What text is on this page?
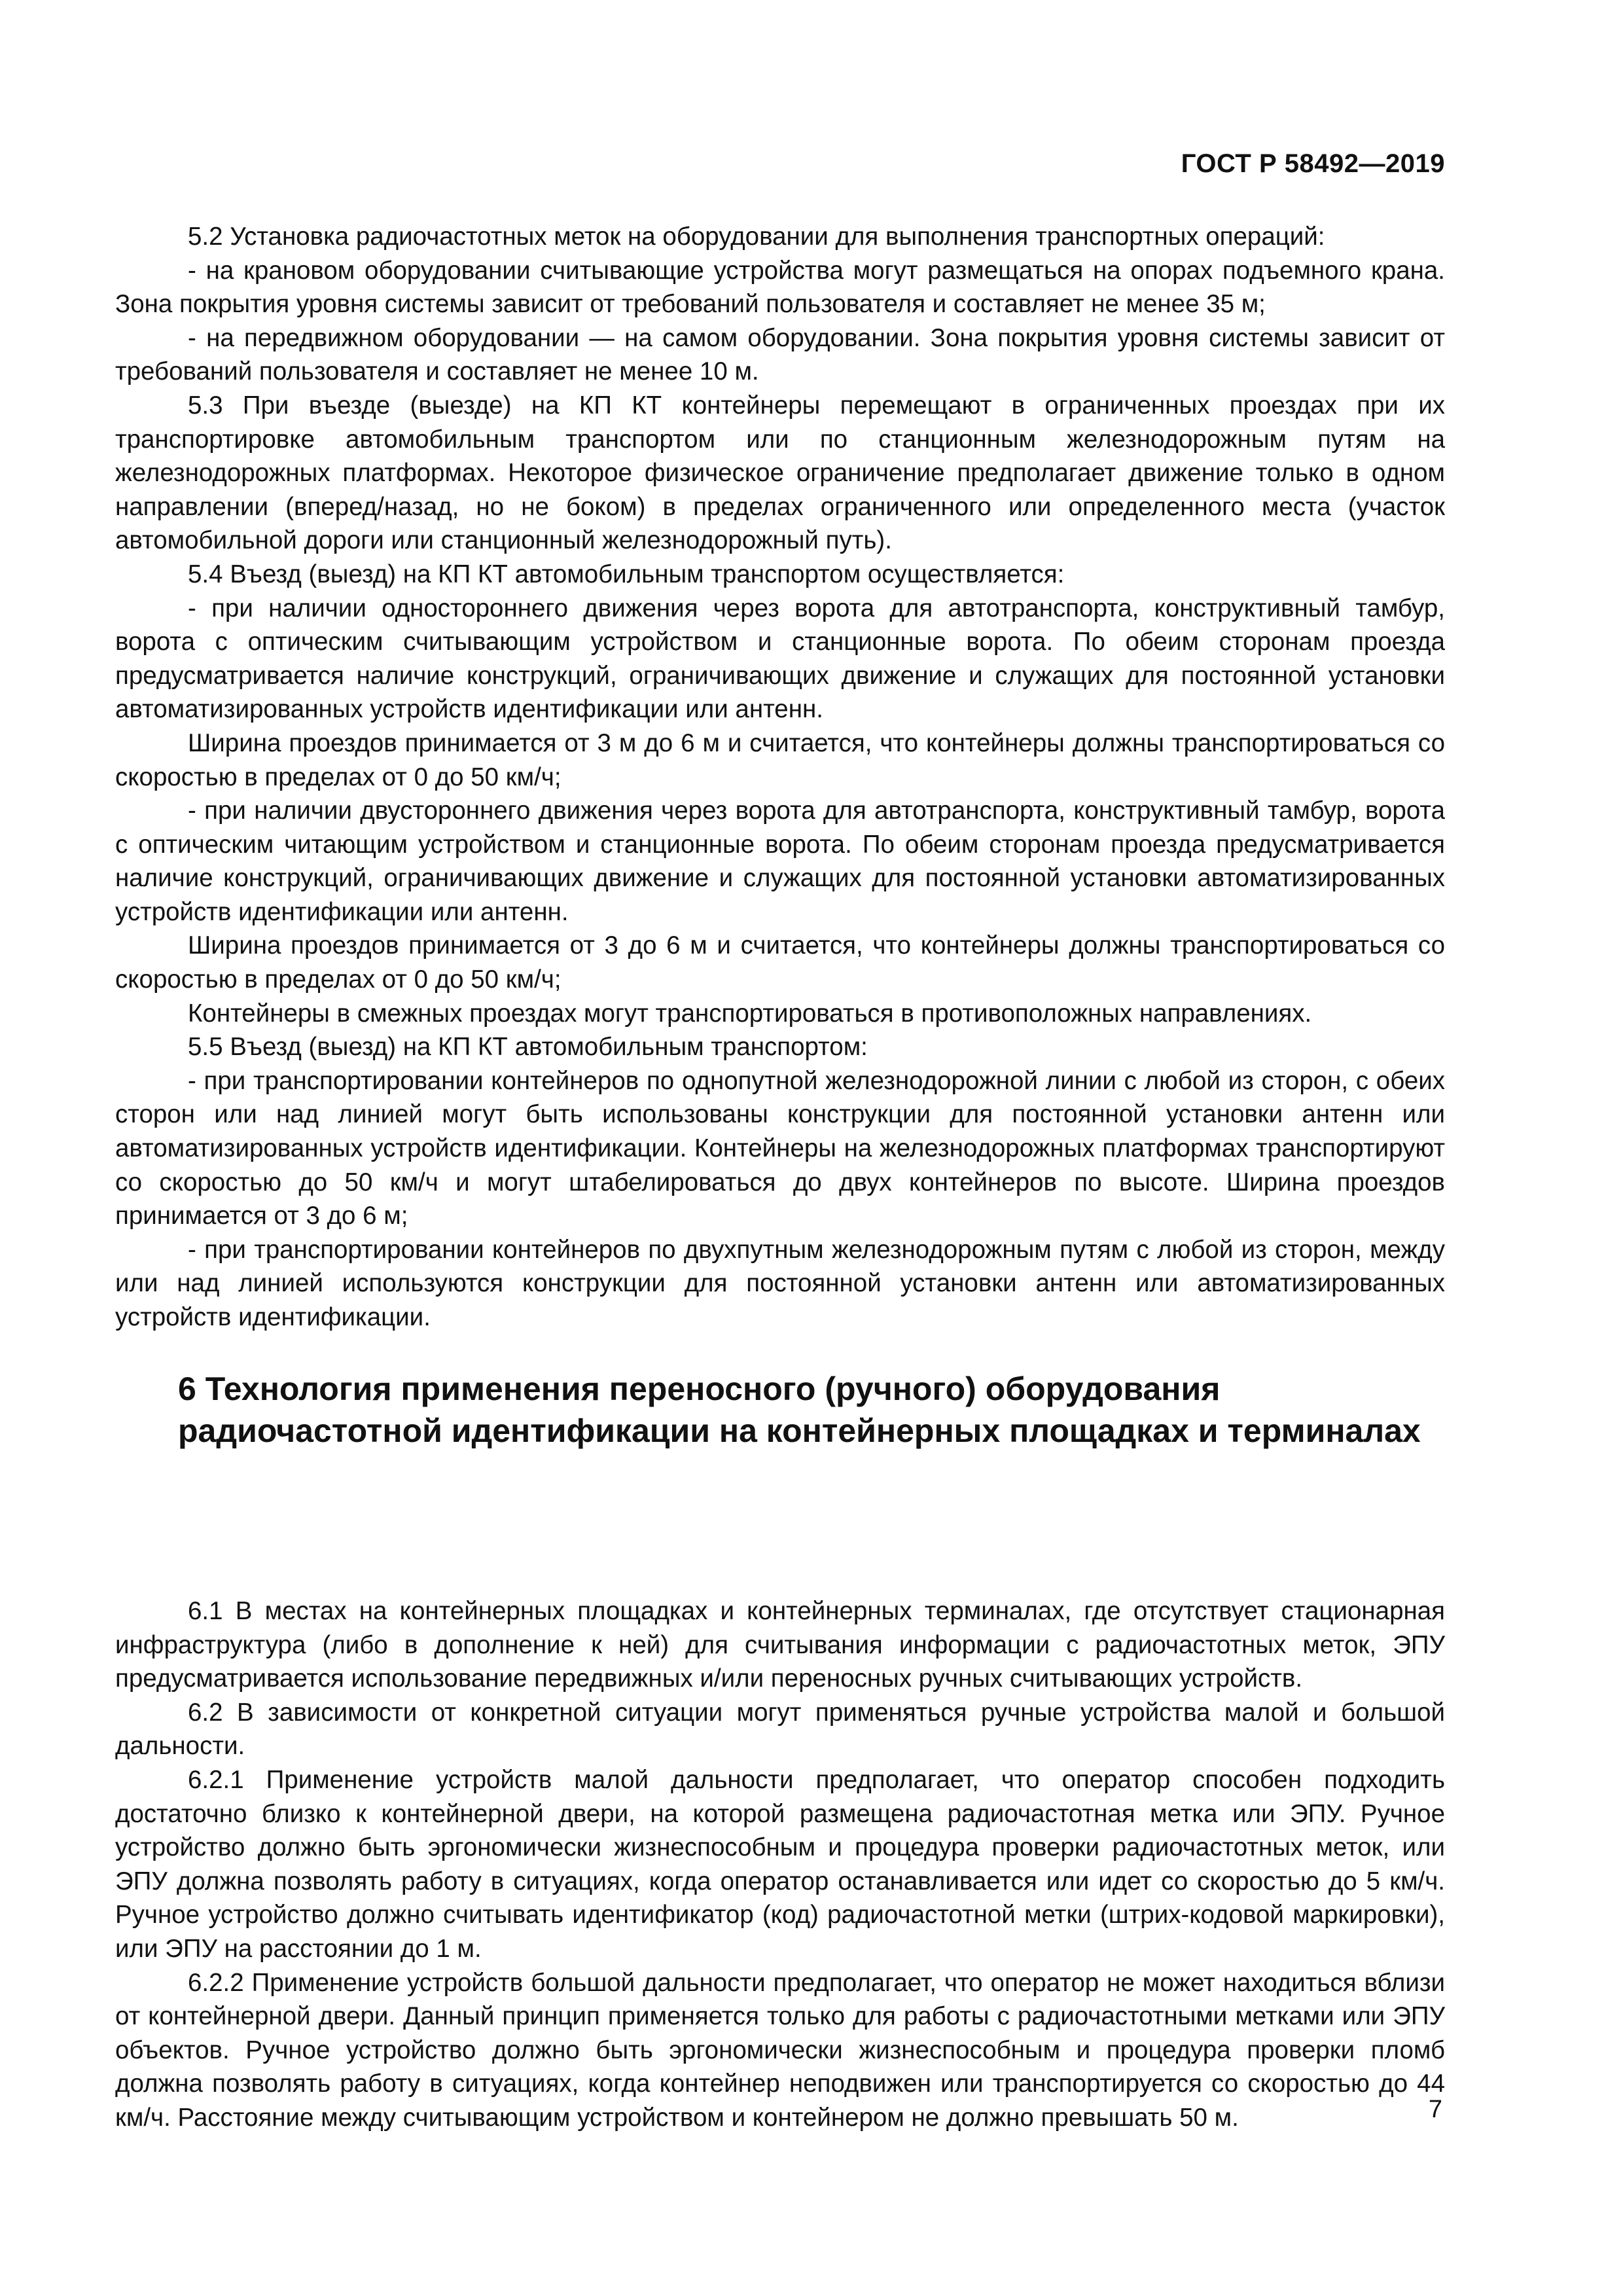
ГОСТ Р 58492—2019

5.2 Установка радиочастотных меток на оборудовании для выполнения транспортных операций:

- на крановом оборудовании считывающие устройства могут размещаться на опорах подъемного крана. Зона покрытия уровня системы зависит от требований пользователя и составляет не менее 35 м;

- на передвижном оборудовании — на самом оборудовании. Зона покрытия уровня системы зависит от требований пользователя и составляет не менее 10 м.

5.3 При въезде (выезде) на КП КТ контейнеры перемещают в ограниченных проездах при их транспортировке автомобильным транспортом или по станционным железнодорожным путям на железнодорожных платформах. Некоторое физическое ограничение предполагает движение только в одном направлении (вперед/назад, но не боком) в пределах ограниченного или определенного места (участок автомобильной дороги или станционный железнодорожный путь).

5.4 Въезд (выезд) на КП КТ автомобильным транспортом осуществляется:

- при наличии одностороннего движения через ворота для автотранспорта, конструктивный тамбур, ворота с оптическим считывающим устройством и станционные ворота. По обеим сторонам проезда предусматривается наличие конструкций, ограничивающих движение и служащих для постоянной установки автоматизированных устройств идентификации или антенн.

Ширина проездов принимается от 3 м до 6 м и считается, что контейнеры должны транспортироваться со скоростью в пределах от 0 до 50 км/ч;

- при наличии двустороннего движения через ворота для автотранспорта, конструктивный тамбур, ворота с оптическим читающим устройством и станционные ворота. По обеим сторонам проезда предусматривается наличие конструкций, ограничивающих движение и служащих для постоянной установки автоматизированных устройств идентификации или антенн.

Ширина проездов принимается от 3 до 6 м и считается, что контейнеры должны транспортироваться со скоростью в пределах от 0 до 50 км/ч;

Контейнеры в смежных проездах могут транспортироваться в противоположных направлениях.

5.5 Въезд (выезд) на КП КТ автомобильным транспортом:

- при транспортировании контейнеров по однопутной железнодорожной линии с любой из сторон, с обеих сторон или над линией могут быть использованы конструкции для постоянной установки антенн или автоматизированных устройств идентификации. Контейнеры на железнодорожных платформах транспортируют со скоростью до 50 км/ч и могут штабелироваться до двух контейнеров по высоте. Ширина проездов принимается от 3 до 6 м;

- при транспортировании контейнеров по двухпутным железнодорожным путям с любой из сторон, между или над линией используются конструкции для постоянной установки антенн или автоматизированных устройств идентификации.

6 Технология применения переносного (ручного) оборудования
радиочастотной идентификации на контейнерных площадках и терминалах

6.1 В местах на контейнерных площадках и контейнерных терминалах, где отсутствует стационарная инфраструктура (либо в дополнение к ней) для считывания информации с радиочастотных меток, ЭПУ предусматривается использование передвижных и/или переносных ручных считывающих устройств.

6.2 В зависимости от конкретной ситуации могут применяться ручные устройства малой и большой дальности.

6.2.1 Применение устройств малой дальности предполагает, что оператор способен подходить достаточно близко к контейнерной двери, на которой размещена радиочастотная метка или ЭПУ. Ручное устройство должно быть эргономически жизнеспособным и процедура проверки радиочастотных меток, или ЭПУ должна позволять работу в ситуациях, когда оператор останавливается или идет со скоростью до 5 км/ч. Ручное устройство должно считывать идентификатор (код) радиочастотной метки (штрих-кодовой маркировки), или ЭПУ на расстоянии до 1 м.

6.2.2 Применение устройств большой дальности предполагает, что оператор не может находиться вблизи от контейнерной двери. Данный принцип применяется только для работы с радиочастотными метками или ЭПУ объектов. Ручное устройство должно быть эргономически жизнеспособным и процедура проверки пломб должна позволять работу в ситуациях, когда контейнер неподвижен или транспортируется со скоростью до 44 км/ч. Расстояние между считывающим устройством и контейнером не должно превышать 50 м.	7
